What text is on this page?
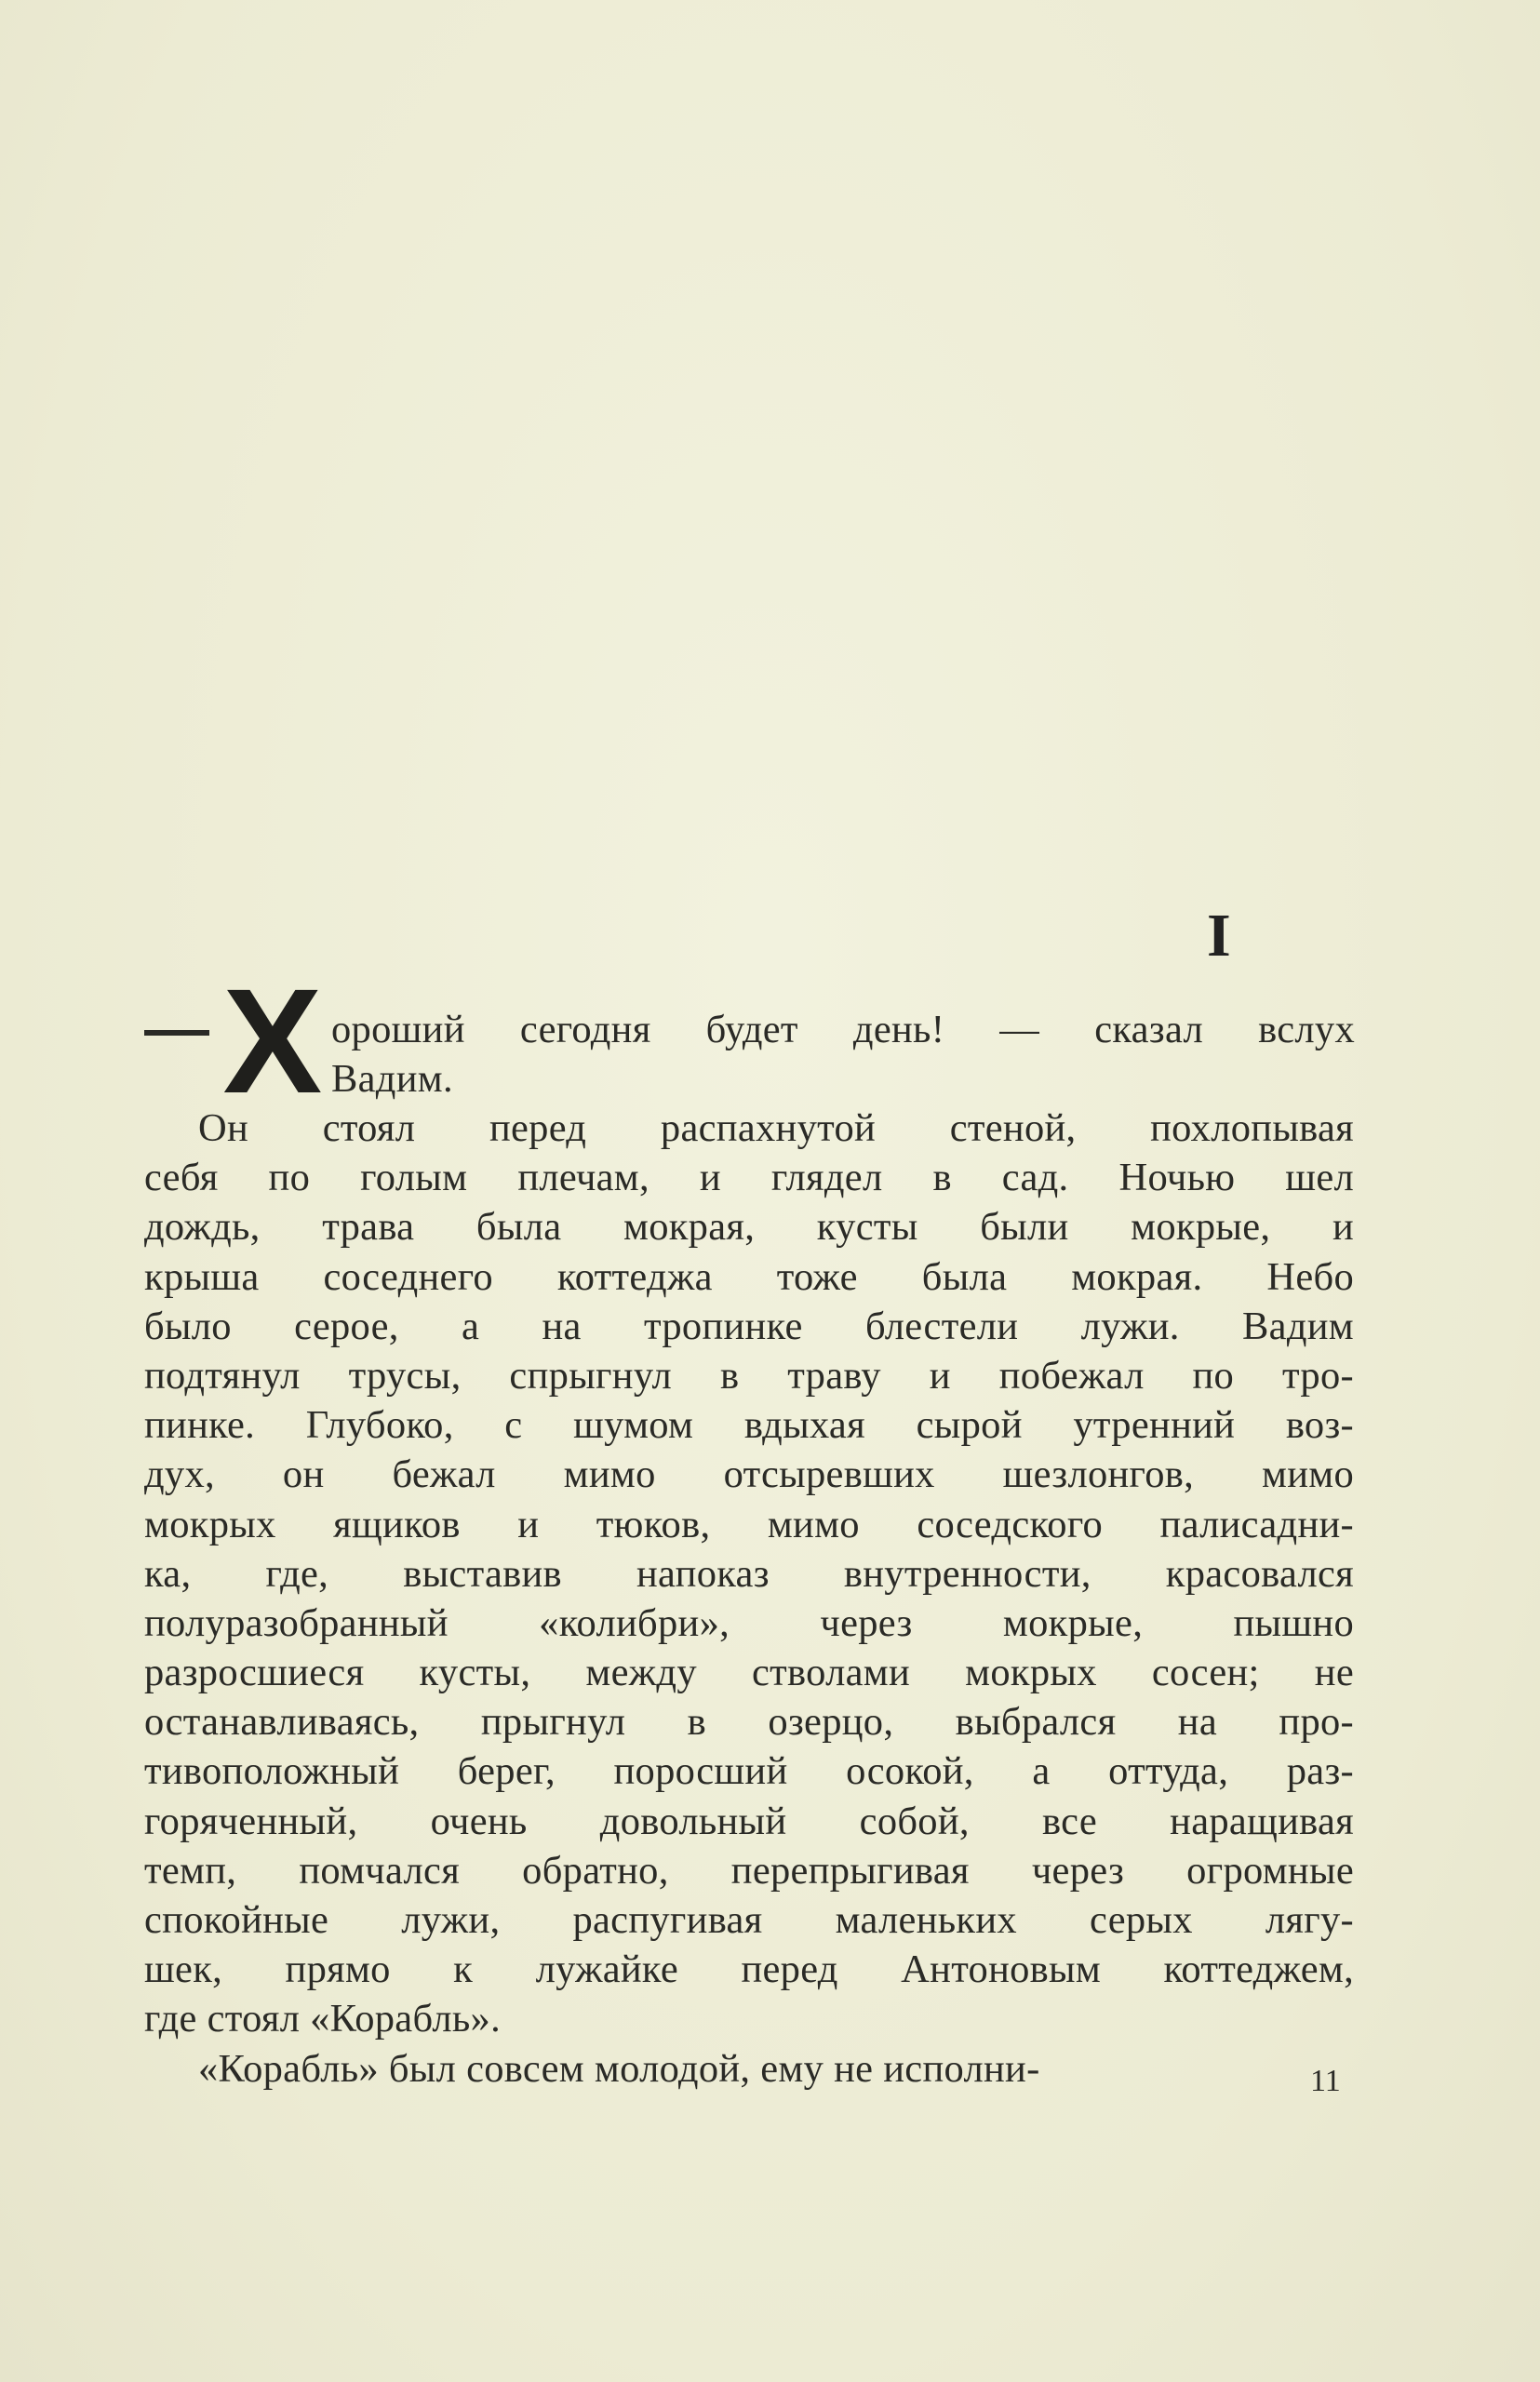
I
Х ороший сегодня будет день! — сказал вслух
Вадим.
Он стоял перед распахнутой стеной, похлопывая
себя по голым плечам, и глядел в сад. Ночью шел
дождь, трава была мокрая, кусты были мокрые, и
крыша соседнего коттеджа тоже была мокрая. Небо
было серое, а на тропинке блестели лужи. Вадим
подтянул трусы, спрыгнул в траву и побежал по тро-
пинке. Глубоко, с шумом вдыхая сырой утренний воз-
дух, он бежал мимо отсыревших шезлонгов, мимо
мокрых ящиков и тюков, мимо соседского палисадни-
ка, где, выставив напоказ внутренности, красовался
полуразобранный «колибри», через мокрые, пышно
разросшиеся кусты, между стволами мокрых сосен; не
останавливаясь, прыгнул в озерцо, выбрался на про-
тивоположный берег, поросший осокой, а оттуда, раз-
горяченный, очень довольный собой, все наращивая
темп, помчался обратно, перепрыгивая через огромные
спокойные лужи, распугивая маленьких серых лягу-
шек, прямо к лужайке перед Антоновым коттеджем,
где стоял «Корабль».
«Корабль» был совсем молодой, ему не исполни-	11
